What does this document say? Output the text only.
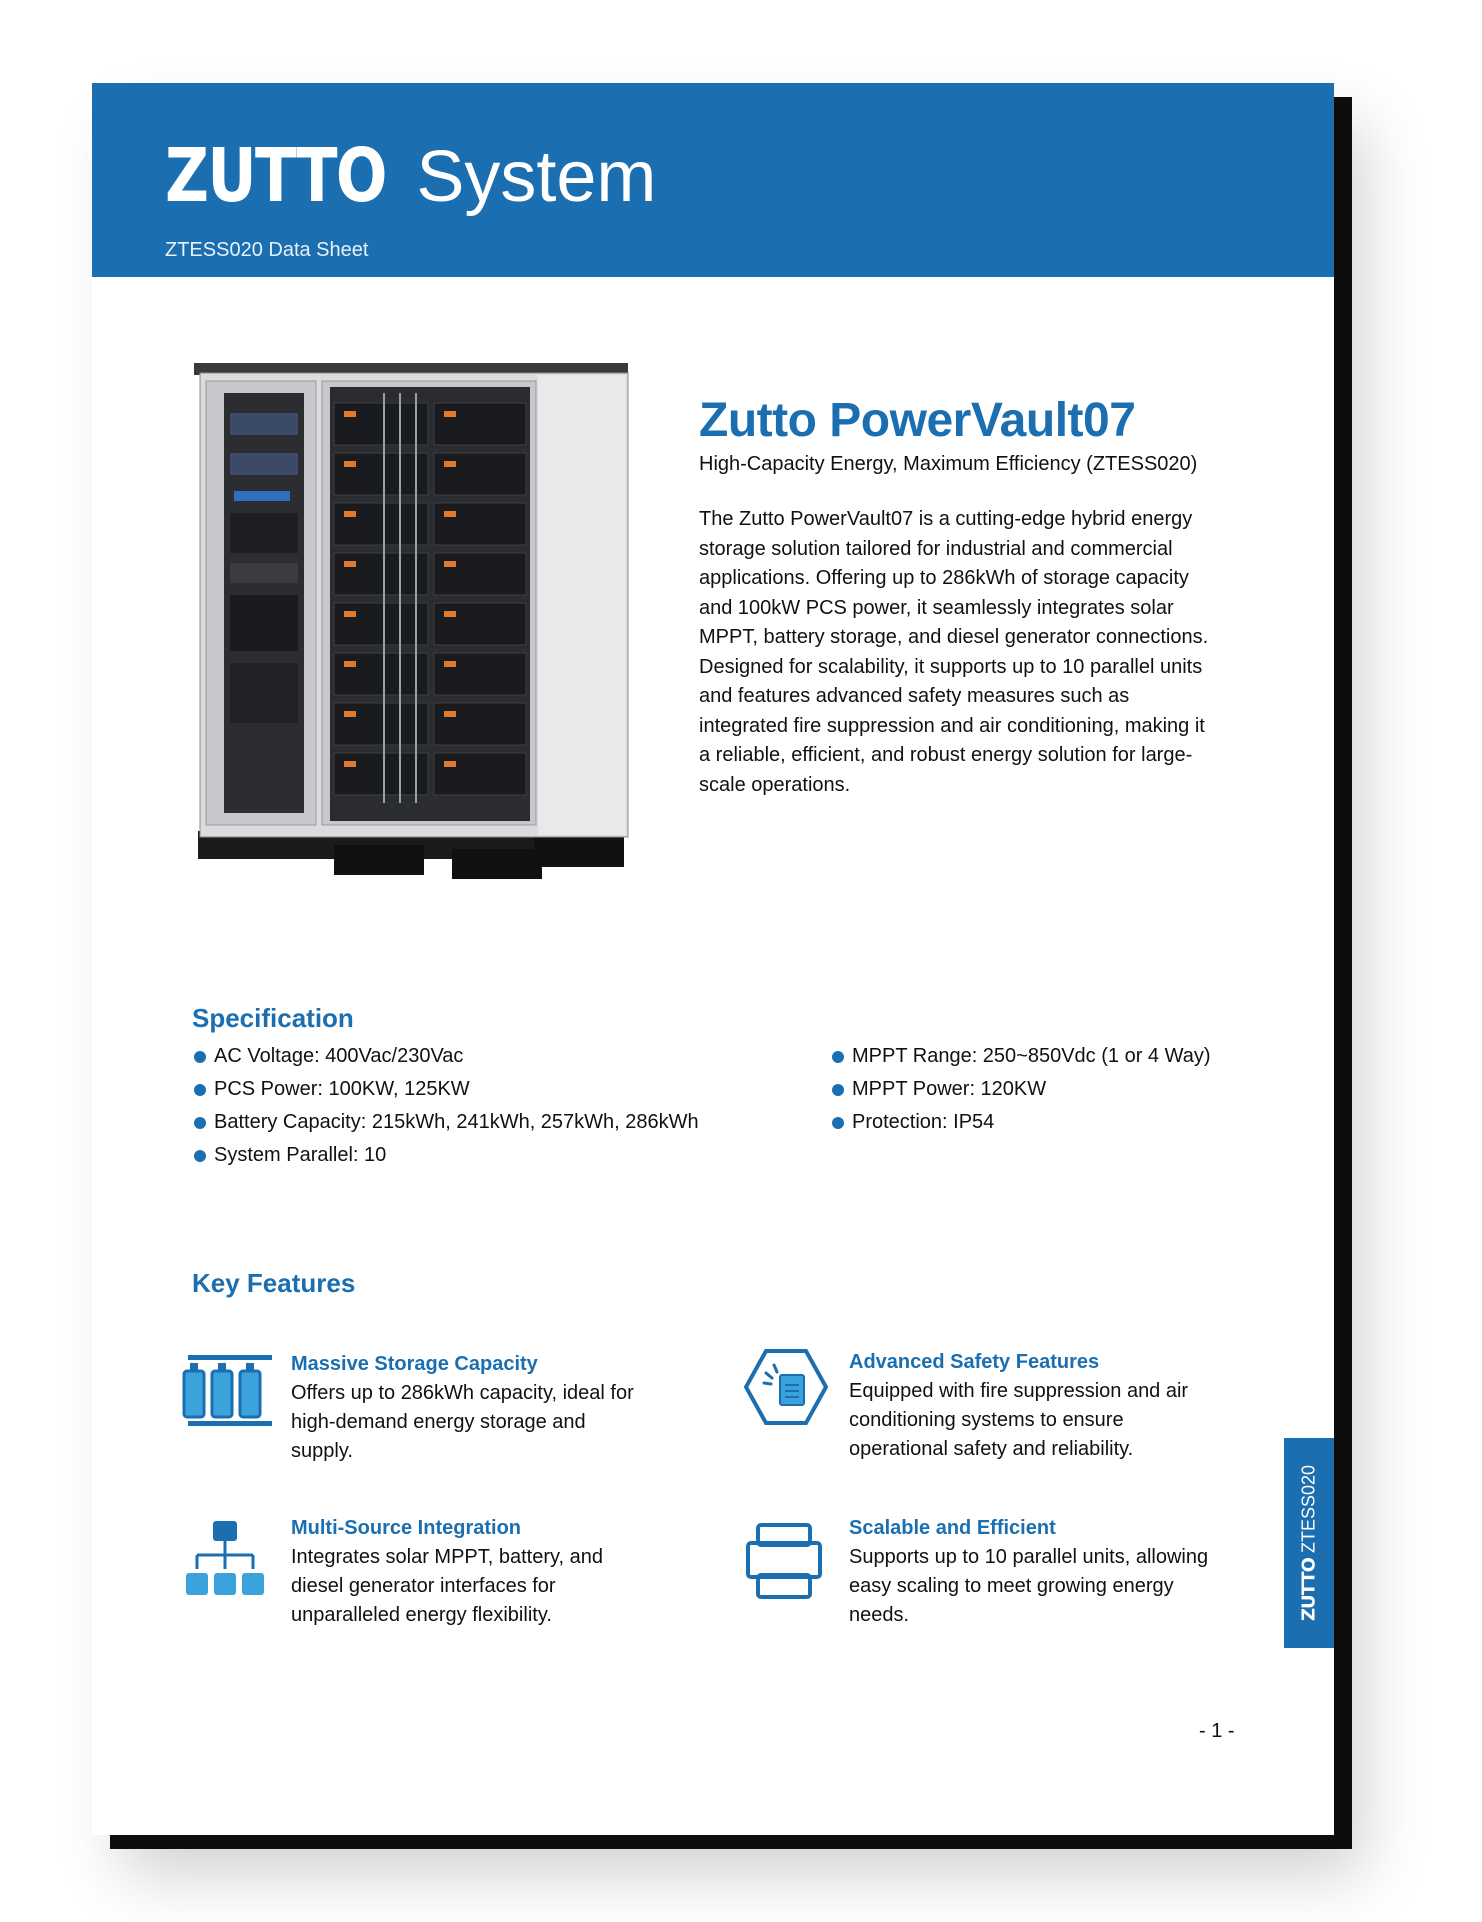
ZUTTO System
ZTESS020 Data Sheet
Zutto PowerVault07
High-Capacity Energy, Maximum Efficiency (ZTESS020)
The Zutto PowerVault07 is a cutting-edge hybrid energy storage solution tailored for industrial and commercial applications. Offering up to 286kWh of storage capacity and 100kW PCS power, it seamlessly integrates solar MPPT, battery storage, and diesel generator connections. Designed for scalability, it supports up to 10 parallel units and features advanced safety measures such as integrated fire suppression and air conditioning, making it a reliable, efficient, and robust energy solution for large-scale operations.
Specification
AC Voltage: 400Vac/230Vac
PCS Power: 100KW, 125KW
Battery Capacity: 215kWh, 241kWh, 257kWh, 286kWh
System Parallel: 10
MPPT Range: 250~850Vdc (1 or 4 Way)
MPPT Power: 120KW
Protection: IP54
Key Features
Massive Storage Capacity
Offers up to 286kWh capacity, ideal for high-demand energy storage and supply.
Advanced Safety Features
Equipped with fire suppression and air conditioning systems to ensure operational safety and reliability.
Multi-Source Integration
Integrates solar MPPT, battery, and diesel generator interfaces for unparalleled energy flexibility.
Scalable and Efficient
Supports up to 10 parallel units, allowing easy scaling to meet growing energy needs.	ZUTTO ZTESS020
- 1 -
